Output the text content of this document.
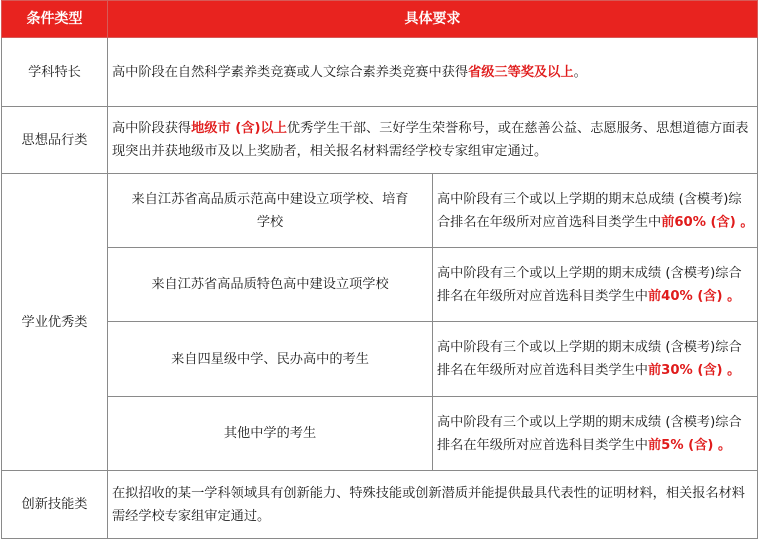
条件类型	具体要求	
学科特长	高中阶段在自然科学素养类竞赛或人文综合素养类竞赛中获得省级三等奖及以上。	
思想品行类	高中阶段获得地级市 (含)以上优秀学生干部、三好学生荣誉称号，或在慈善公益、志愿服务、思想道德方面表现突出并获地级市及以上奖励者，相关报名材料需经学校专家组审定通过。	
学业优秀类	来自江苏省高品质示范高中建设立项学校、培育学校	高中阶段有三个或以上学期的期末总成绩 (含模考)综合排名在年级所对应首选科目类学生中前60% (含) 。
	来自江苏省高品质特色高中建设立项学校	高中阶段有三个或以上学期的期末成绩 (含模考)综合排名在年级所对应首选科目类学生中前40% (含) 。
	来自四星级中学、民办高中的考生	高中阶段有三个或以上学期的期末成绩 (含模考)综合排名在年级所对应首选科目类学生中前30% (含) 。
	其他中学的考生	高中阶段有三个或以上学期的期末成绩 (含模考)综合排名在年级所对应首选科目类学生中前5% (含) 。
创新技能类	在拟招收的某一学科领域具有创新能力、特殊技能或创新潜质并能提供最具代表性的证明材料，相关报名材料需经学校专家组审定通过。	
